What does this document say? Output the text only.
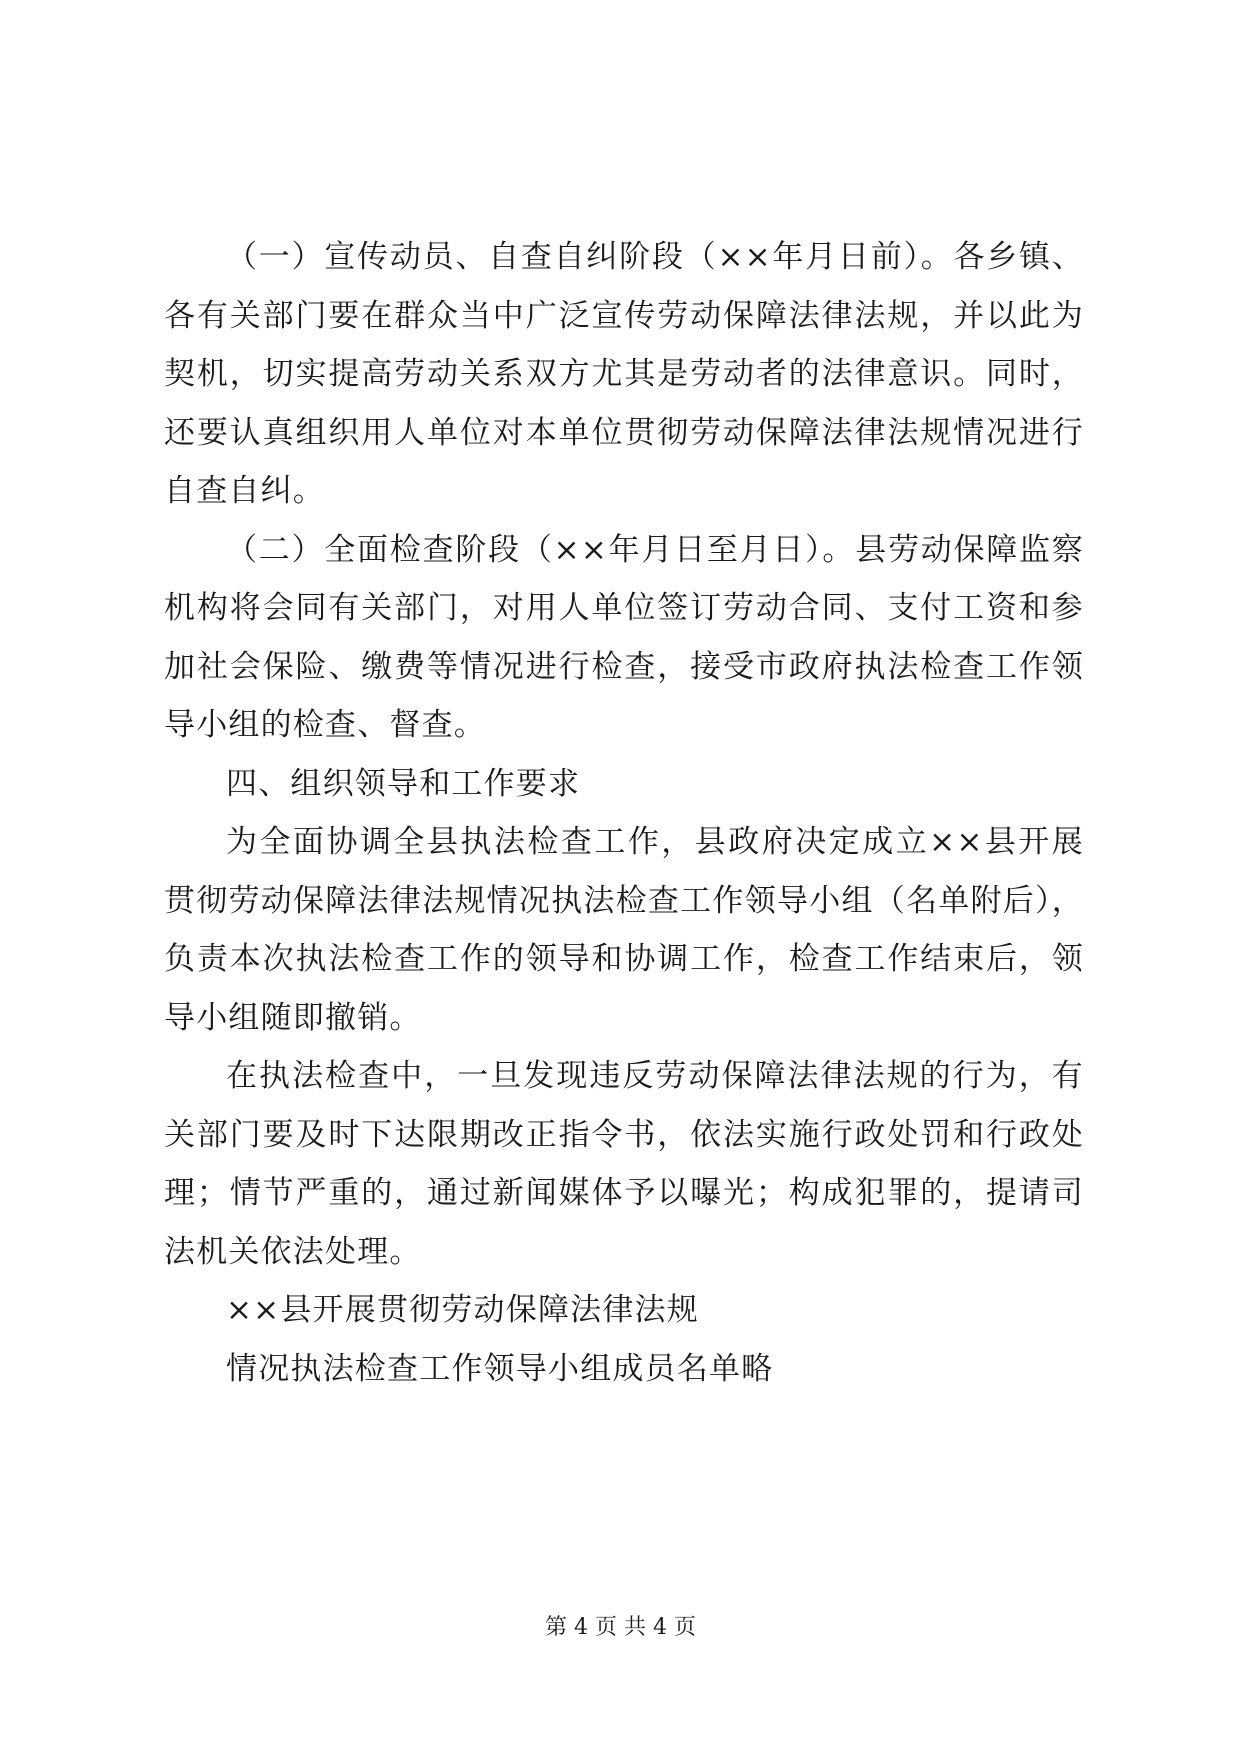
（一）宣传动员、自查自纠阶段（××年月日前）。各乡镇、各有关部门要在群众当中广泛宣传劳动保障法律法规，并以此为契机，切实提高劳动关系双方尤其是劳动者的法律意识。同时，还要认真组织用人单位对本单位贯彻劳动保障法律法规情况进行自查自纠。

（二）全面检查阶段（××年月日至月日）。县劳动保障监察机构将会同有关部门，对用人单位签订劳动合同、支付工资和参加社会保险、缴费等情况进行检查，接受市政府执法检查工作领导小组的检查、督查。

四、组织领导和工作要求

为全面协调全县执法检查工作，县政府决定成立××县开展贯彻劳动保障法律法规情况执法检查工作领导小组（名单附后），负责本次执法检查工作的领导和协调工作，检查工作结束后，领导小组随即撤销。

在执法检查中，一旦发现违反劳动保障法律法规的行为，有关部门要及时下达限期改正指令书，依法实施行政处罚和行政处理；情节严重的，通过新闻媒体予以曝光；构成犯罪的，提请司法机关依法处理。

××县开展贯彻劳动保障法律法规

情况执法检查工作领导小组成员名单略

第 4 页 共 4 页
